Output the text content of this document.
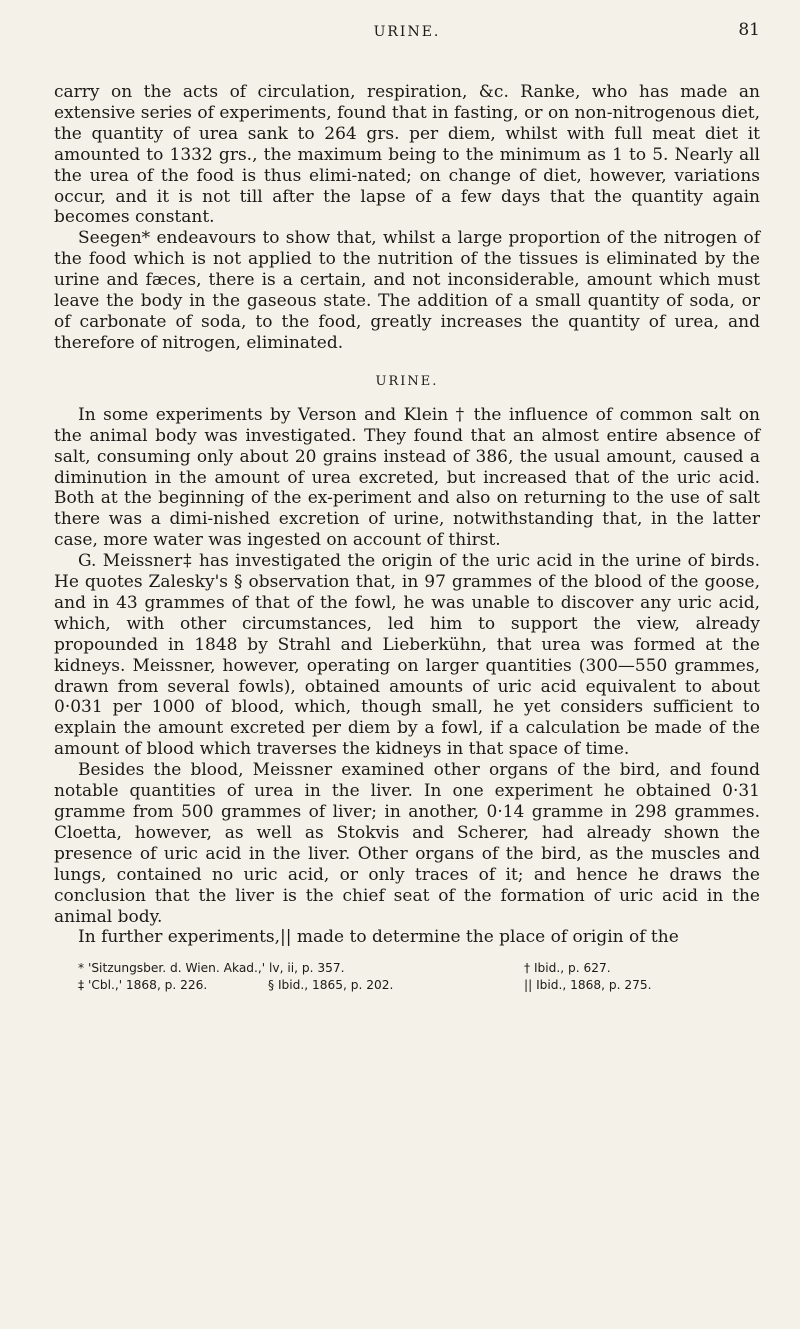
URINE.	81

carry on the acts of circulation, respiration, &c. Ranke, who has made an extensive series of experiments, found that in fasting, or on non-nitrogenous diet, the quantity of urea sank to 264 grs. per diem, whilst with full meat diet it amounted to 1332 grs., the maximum being to the minimum as 1 to 5. Nearly all the urea of the food is thus elimi-nated; on change of diet, however, variations occur, and it is not till after the lapse of a few days that the quantity again becomes constant.

Seegen* endeavours to show that, whilst a large proportion of the nitrogen of the food which is not applied to the nutrition of the tissues is eliminated by the urine and fæces, there is a certain, and not inconsiderable, amount which must leave the body in the gaseous state. The addition of a small quantity of soda, or of carbonate of soda, to the food, greatly increases the quantity of urea, and therefore of nitrogen, eliminated.

URINE.

In some experiments by Verson and Klein † the influence of common salt on the animal body was investigated. They found that an almost entire absence of salt, consuming only about 20 grains instead of 386, the usual amount, caused a diminution in the amount of urea excreted, but increased that of the uric acid. Both at the beginning of the ex-periment and also on returning to the use of salt there was a dimi-nished excretion of urine, notwithstanding that, in the latter case, more water was ingested on account of thirst.

G. Meissner‡ has investigated the origin of the uric acid in the urine of birds. He quotes Zalesky's § observation that, in 97 grammes of the blood of the goose, and in 43 grammes of that of the fowl, he was unable to discover any uric acid, which, with other circumstances, led him to support the view, already propounded in 1848 by Strahl and Lieberkühn, that urea was formed at the kidneys. Meissner, however, operating on larger quantities (300—550 grammes, drawn from several fowls), obtained amounts of uric acid equivalent to about 0·031 per 1000 of blood, which, though small, he yet considers sufficient to explain the amount excreted per diem by a fowl, if a calculation be made of the amount of blood which traverses the kidneys in that space of time.

Besides the blood, Meissner examined other organs of the bird, and found notable quantities of urea in the liver. In one experiment he obtained 0·31 gramme from 500 grammes of liver; in another, 0·14 gramme in 298 grammes. Cloetta, however, as well as Stokvis and Scherer, had already shown the presence of uric acid in the liver. Other organs of the bird, as the muscles and lungs, contained no uric acid, or only traces of it; and hence he draws the conclusion that the liver is the chief seat of the formation of uric acid in the animal body.

In further experiments,|| made to determine the place of origin of the

* 'Sitzungsber. d. Wien. Akad.,' lv, ii, p. 357.	† Ibid., p. 627.
‡ 'Cbl.,' 1868, p. 226.	§ Ibid., 1865, p. 202.	|| Ibid., 1868, p. 275.
